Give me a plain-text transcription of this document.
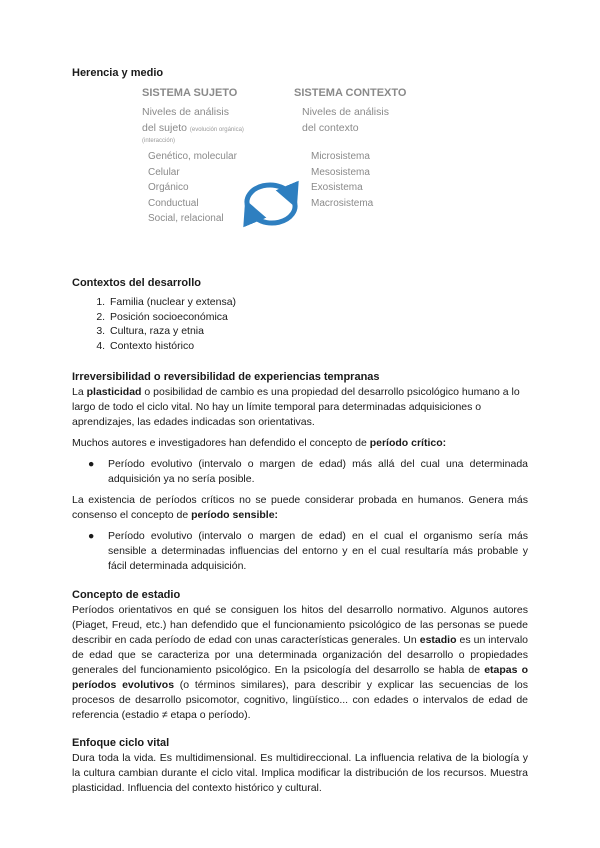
Herencia y medio
SISTEMA SUJETO	SISTEMA CONTEXTO
Niveles de análisis
del sujeto (evolución orgánica)
(interacción)
Niveles de análisis
del contexto
Genético, molecular
Celular
Orgánico
Conductual
Social, relacional
Microsistema
Mesosistema
Exosistema
Macrosistema
Contextos del desarrollo
1. Familia (nuclear y extensa)
2. Posición socioeconómica
3. Cultura, raza y etnia
4. Contexto histórico
Irreversibilidad o reversibilidad de experiencias tempranas

La plasticidad o posibilidad de cambio es una propiedad del desarrollo psicológico humano a lo largo de todo el ciclo vital. No hay un límite temporal para determinadas adquisiciones o aprendizajes, las edades indicadas son orientativas.

Muchos autores e investigadores han defendido el concepto de período crítico:

● Período evolutivo (intervalo o margen de edad) más allá del cual una determinada adquisición ya no sería posible.

La existencia de períodos críticos no se puede considerar probada en humanos. Genera más consenso el concepto de período sensible:

● Período evolutivo (intervalo o margen de edad) en el cual el organismo sería más sensible a determinadas influencias del entorno y en el cual resultaría más probable y fácil determinada adquisición.
Concepto de estadio

Períodos orientativos en qué se consiguen los hitos del desarrollo normativo. Algunos autores (Piaget, Freud, etc.) han defendido que el funcionamiento psicológico de las personas se puede describir en cada período de edad con unas características generales. Un estadio es un intervalo de edad que se caracteriza por una determinada organización del desarrollo o propiedades generales del funcionamiento psicológico. En la psicología del desarrollo se habla de etapas o períodos evolutivos (o términos similares), para describir y explicar las secuencias de los procesos de desarrollo psicomotor, cognitivo, lingüístico... con edades o intervalos de edad de referencia (estadio ≠ etapa o período).

Enfoque ciclo vital

Dura toda la vida. Es multidimensional. Es multidireccional. La influencia relativa de la biología y la cultura cambian durante el ciclo vital. Implica modificar la distribución de los recursos. Muestra plasticidad. Influencia del contexto histórico y cultural.
